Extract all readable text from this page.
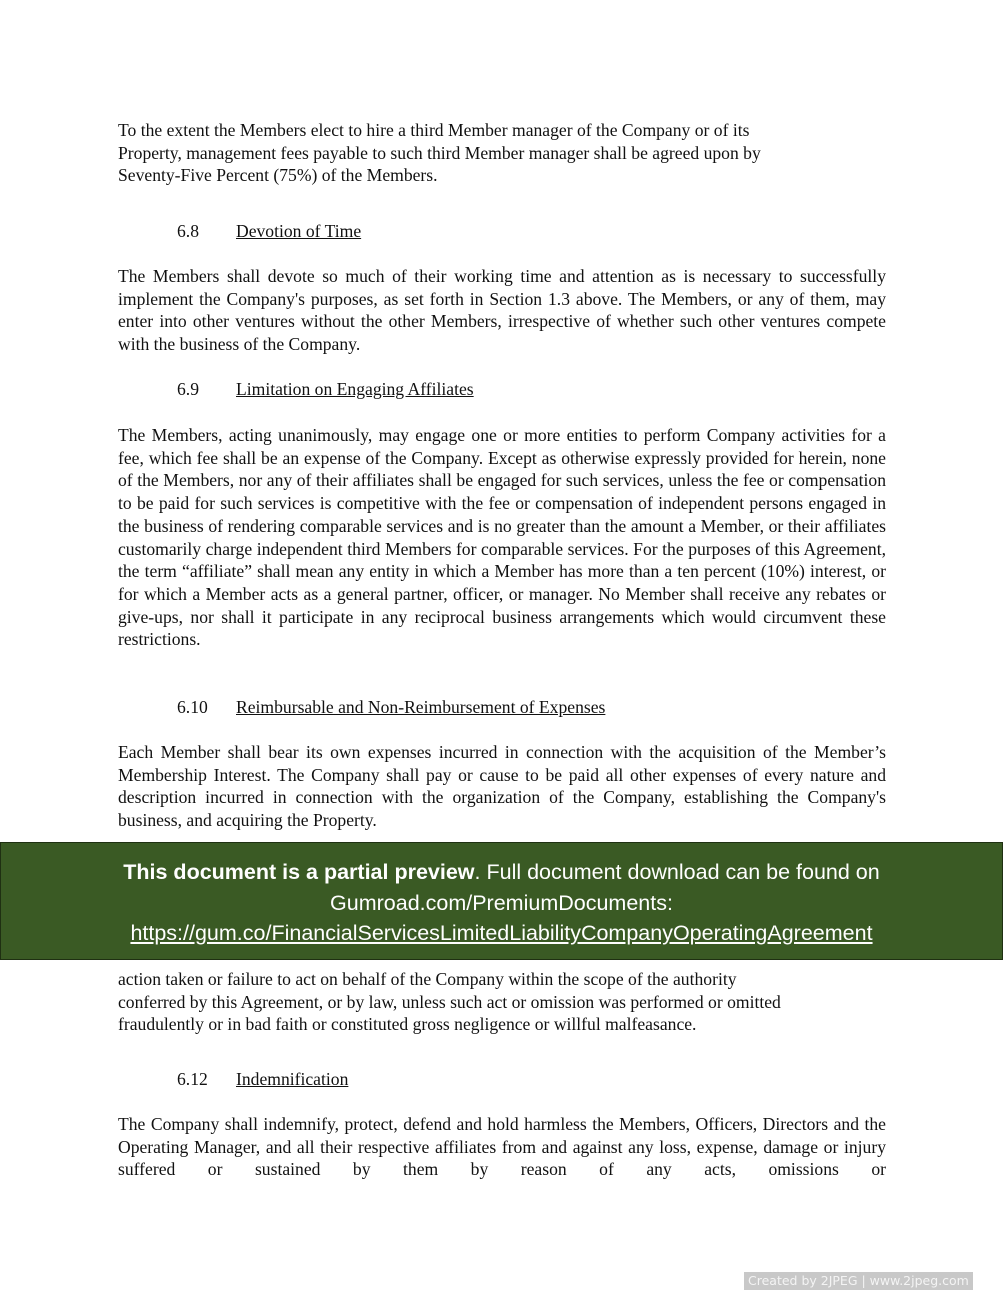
To the extent the Members elect to hire a third Member manager of the Company or of its
Property, management fees payable to such third Member manager shall be agreed upon by
Seventy-Five Percent (75%) of the Members.

6.8 Devotion of Time

The Members shall devote so much of their working time and attention as is necessary to successfully implement the Company's purposes, as set forth in Section 1.3 above. The Members, or any of them, may enter into other ventures without the other Members, irrespective of whether such other ventures compete with the business of the Company.

6.9 Limitation on Engaging Affiliates

The Members, acting unanimously, may engage one or more entities to perform Company activities for a fee, which fee shall be an expense of the Company. Except as otherwise expressly provided for herein, none of the Members, nor any of their affiliates shall be engaged for such services, unless the fee or compensation to be paid for such services is competitive with the fee or compensation of independent persons engaged in the business of rendering comparable services and is no greater than the amount a Member, or their affiliates customarily charge independent third Members for comparable services. For the purposes of this Agreement, the term “affiliate” shall mean any entity in which a Member has more than a ten percent (10%) interest, or for which a Member acts as a general partner, officer, or manager. No Member shall receive any rebates or give-ups, nor shall it participate in any reciprocal business arrangements which would circumvent these restrictions.

6.10 Reimbursable and Non-Reimbursement of Expenses

Each Member shall bear its own expenses incurred in connection with the acquisition of the Member’s Membership Interest. The Company shall pay or cause to be paid all other expenses of every nature and description incurred in connection with the organization of the Company, establishing the Company's business, and acquiring the Property.

action taken or failure to act on behalf of the Company within the scope of the authority
conferred by this Agreement, or by law, unless such act or omission was performed or omitted
fraudulently or in bad faith or constituted gross negligence or willful malfeasance.

6.12 Indemnification

The Company shall indemnify, protect, defend and hold harmless the Members, Officers, Directors and the Operating Manager, and all their respective affiliates from and against any loss, expense, damage or injury suffered or sustained by them by reason of any acts, omissions or

This document is a partial preview. Full document download can be found on
Gumroad.com/PremiumDocuments:
https://gum.co/FinancialServicesLimitedLiabilityCompanyOperatingAgreement
Created by 2JPEG | www.2jpeg.com
